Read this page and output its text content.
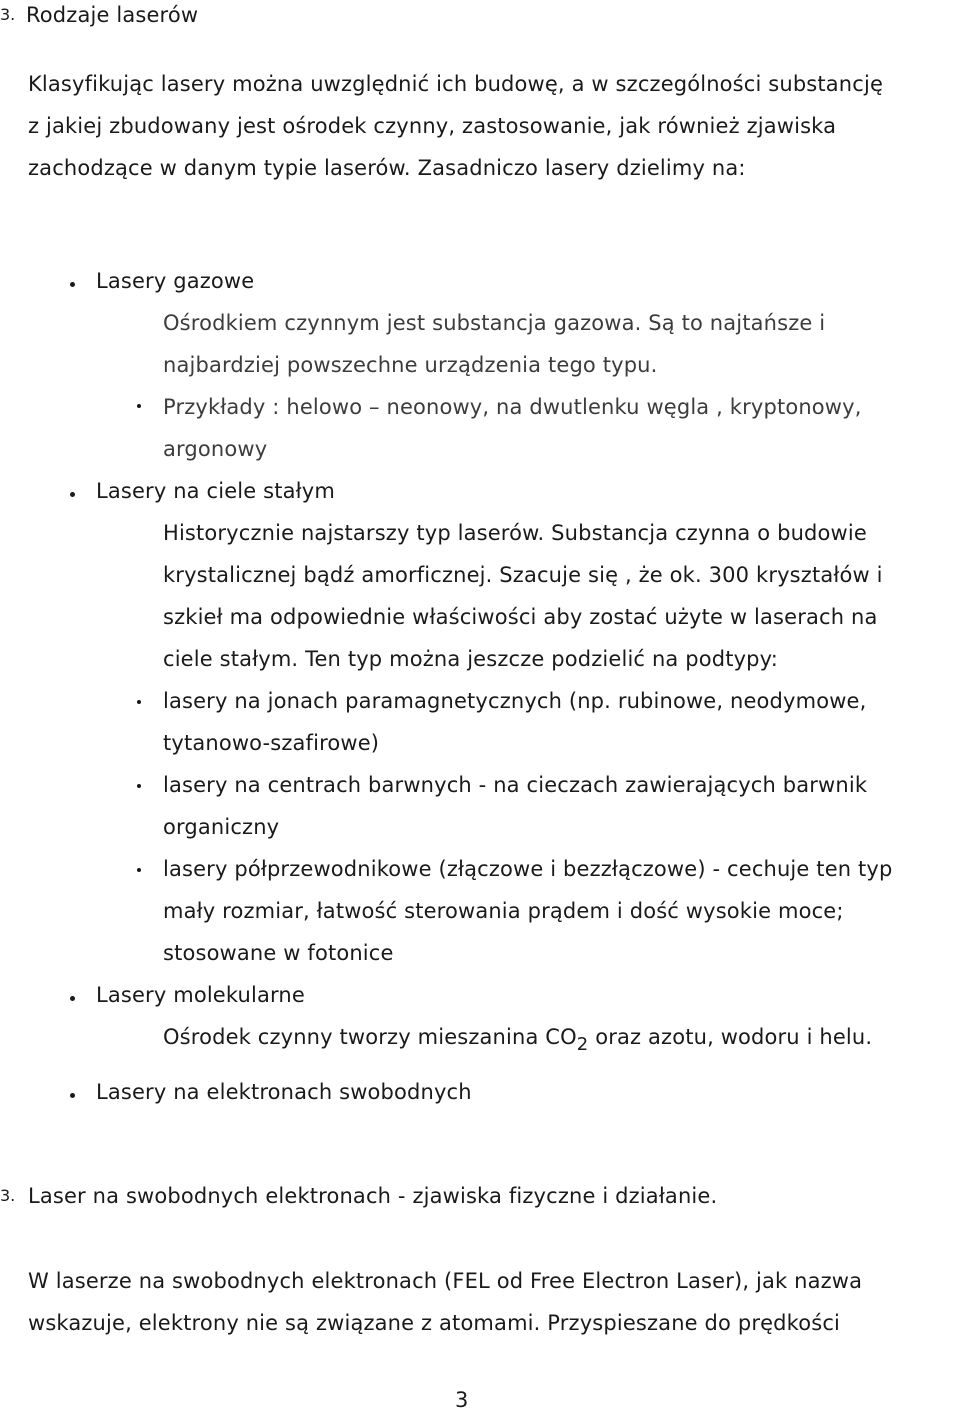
3. Rodzaje laserów
Klasyfikując lasery można uwzględnić ich budowę, a w szczególności substancję
z jakiej zbudowany jest ośrodek czynny, zastosowanie, jak również zjawiska
zachodzące w danym typie laserów. Zasadniczo lasery dzielimy na:
Lasery gazowe
Ośrodkiem czynnym jest substancja gazowa. Są to najtańsze i
najbardziej powszechne urządzenia tego typu.
Przykłady : helowo – neonowy, na dwutlenku węgla , kryptonowy,
argonowy
Lasery na ciele stałym
Historycznie najstarszy typ laserów. Substancja czynna o budowie
krystalicznej bądź amorficznej. Szacuje się , że ok. 300 kryształów i
szkieł ma odpowiednie właściwości aby zostać użyte w laserach na
ciele stałym. Ten typ można jeszcze podzielić na podtypy:
lasery na jonach paramagnetycznych (np. rubinowe, neodymowe,
tytanowo-szafirowe)
lasery na centrach barwnych - na cieczach zawierających barwnik
organiczny
lasery półprzewodnikowe (złączowe i bezzłączowe) - cechuje ten typ
mały rozmiar, łatwość sterowania prądem i dość wysokie moce;
stosowane w fotonice
Lasery molekularne
Ośrodek czynny tworzy mieszanina $CO_2$ oraz azotu, wodoru i helu.
Lasery na elektronach swobodnych
3. Laser na swobodnych elektronach - zjawiska fizyczne i działanie.
W laserze na swobodnych elektronach (FEL od Free Electron Laser), jak nazwa
wskazuje, elektrony nie są związane z atomami. Przyspieszane do prędkości
3
